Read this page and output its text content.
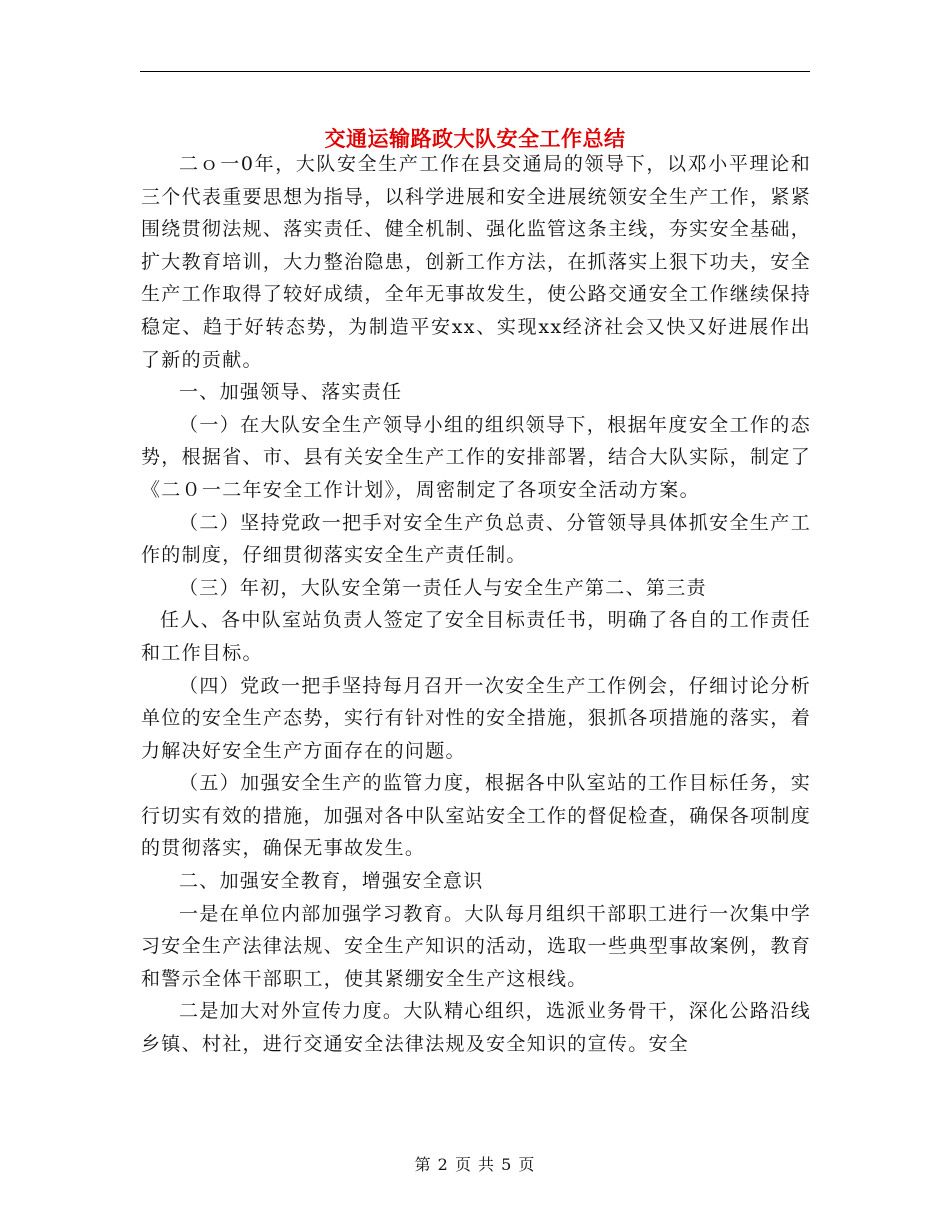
交通运输路政大队安全工作总结

二ｏ一0年，大队安全生产工作在县交通局的领导下，以邓小平理论和三个代表重要思想为指导，以科学进展和安全进展统领安全生产工作，紧紧围绕贯彻法规、落实责任、健全机制、强化监管这条主线，夯实安全基础，扩大教育培训，大力整治隐患，创新工作方法，在抓落实上狠下功夫，安全生产工作取得了较好成绩，全年无事故发生，使公路交通安全工作继续保持稳定、趋于好转态势，为制造平安xx、实现xx经济社会又快又好进展作出了新的贡献。

一、加强领导、落实责任

（一）在大队安全生产领导小组的组织领导下，根据年度安全工作的态势，根据省、市、县有关安全生产工作的安排部署，结合大队实际，制定了《二０一二年安全工作计划》，周密制定了各项安全活动方案。

（二）坚持党政一把手对安全生产负总责、分管领导具体抓安全生产工作的制度，仔细贯彻落实安全生产责任制。

（三）年初，大队安全第一责任人与安全生产第二、第三责

任人、各中队室站负责人签定了安全目标责任书，明确了各自的工作责任和工作目标。

（四）党政一把手坚持每月召开一次安全生产工作例会，仔细讨论分析单位的安全生产态势，实行有针对性的安全措施，狠抓各项措施的落实，着力解决好安全生产方面存在的问题。

（五）加强安全生产的监管力度，根据各中队室站的工作目标任务，实行切实有效的措施，加强对各中队室站安全工作的督促检查，确保各项制度的贯彻落实，确保无事故发生。

二、加强安全教育，增强安全意识

一是在单位内部加强学习教育。大队每月组织干部职工进行一次集中学习安全生产法律法规、安全生产知识的活动，选取一些典型事故案例，教育和警示全体干部职工，使其紧绷安全生产这根线。

二是加大对外宣传力度。大队精心组织，选派业务骨干，深化公路沿线乡镇、村社，进行交通安全法律法规及安全知识的宣传。安全

第 2 页 共 5 页
